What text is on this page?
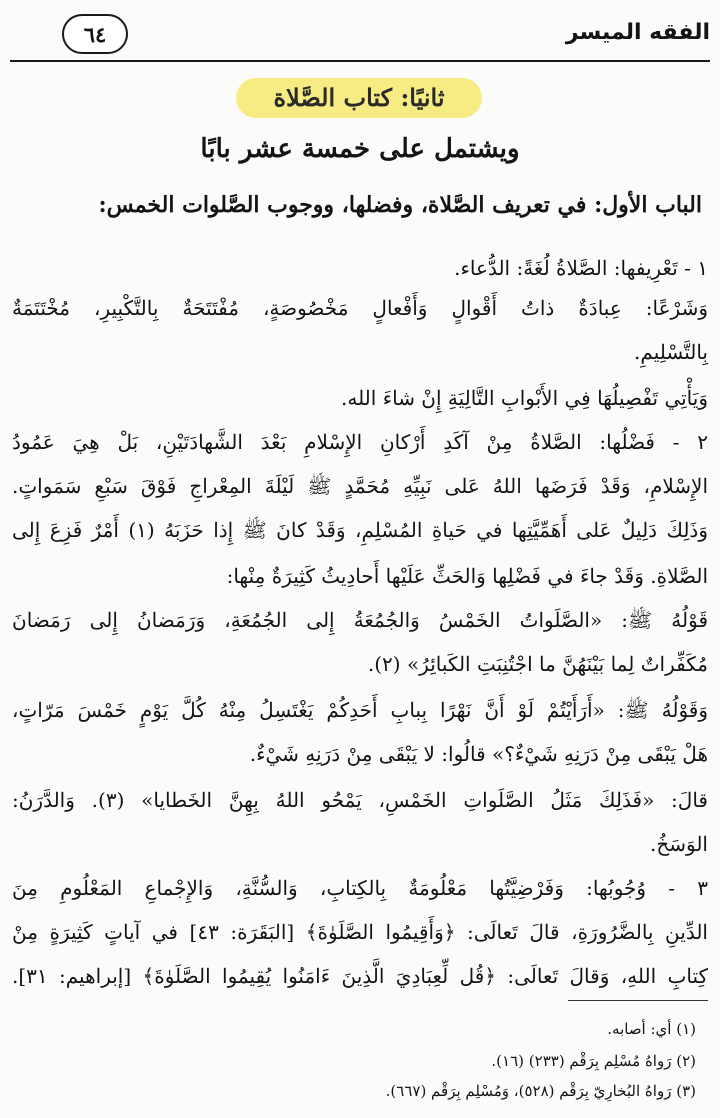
الفقه الميسر
٦٤
ثانيًا: كتاب الصَّلاة
ويشتمل على خمسة عشر بابًا
الباب الأول: في تعريف الصَّلاة، وفضلها، ووجوب الصَّلوات الخمس:
١ - تَعْرِيفها: الصَّلاةُ لُغَةً: الدُّعاء.
وَشَرْعًا: عِبادَةٌ ذاتُ أَقْوالٍ وَأَفْعالٍ مَخْصُوصَةٍ، مُفْتَتَحَةٌ بِالتَّكْبِيرِ، مُخْتَتَمَةٌ
بِالتَّسْلِيمِ.
وَيَأْتِي تَفْصِيلُهَا فِي الأَبْوابِ التَّالِيَةِ إِنْ شاءَ الله.
٢ - فَضْلُها: الصَّلاةُ مِنْ آكَدِ أَرْكانِ الإِسْلامِ بَعْدَ الشَّهادَتَيْنِ، بَلْ هِيَ عَمُودُ
الإِسْلامِ، وَقَدْ فَرَضَها اللهُ عَلى نَبِيِّهِ مُحَمَّدٍ ﷺ لَيْلَةَ المِعْراجِ فَوْقَ سَبْعِ سَمَواتٍ.
وَذَلِكَ دَلِيلٌ عَلى أَهَمِّيَّتِها في حَياةِ المُسْلِمِ، وَقَدْ كانَ ﷺ إِذا حَزَبَهُ (١) أَمْرٌ فَزِعَ إِلى
الصَّلاةِ. وَقَدْ جاءَ في فَضْلِها وَالحَثِّ عَلَيْها أَحادِيثُ كَثِيرَةٌ مِنْها:
قَوْلُهُ ﷺ: «الصَّلَواتُ الخَمْسُ وَالجُمُعَةُ إِلى الجُمُعَةِ، وَرَمَضانُ إِلى رَمَضانَ
مُكَفِّراتٌ لِما بَيْنَهُنَّ ما اجْتُنِبَتِ الكَبائِرُ» (٢).
وَقَوْلُهُ ﷺ: «أَرَأَيْتُمْ لَوْ أَنَّ نَهْرًا بِبابِ أَحَدِكُمْ يَغْتَسِلُ مِنْهُ كُلَّ يَوْمٍ خَمْسَ مَرّاتٍ،
هَلْ يَبْقَى مِنْ دَرَنِهِ شَيْءٌ؟» قالُوا: لا يَبْقَى مِنْ دَرَنِهِ شَيْءٌ.
قالَ: «فَذَلِكَ مَثَلُ الصَّلَواتِ الخَمْسِ، يَمْحُو اللهُ بِهِنَّ الخَطايا» (٣). وَالدَّرَنُ:
الوَسَخُ.
٣ - وُجُوبُها: وَفَرْضِيَّتُها مَعْلُومَةٌ بِالكِتابِ، وَالسُّنَّةِ، وَالإِجْماعِ المَعْلُومِ مِنَ
الدِّينِ بِالضَّرُورَةِ، قالَ تَعالَى: ﴿وَأَقِيمُوا الصَّلَوٰةَ﴾ [البَقَرَة: ٤٣] في آياتٍ كَثِيرَةٍ مِنْ
كِتابِ اللهِ، وَقالَ تَعالَى: ﴿قُل لِّعِبَادِيَ الَّذِينَ ءَامَنُوا يُقِيمُوا الصَّلَوٰةَ﴾ [إبراهيم: ٣١].
(١) أي: أصابه.
(٢) رَواهُ مُسْلِم بِرَقْم (٢٣٣) (١٦).
(٣) رَواهُ البُخارِيّ بِرَقْم (٥٢٨)، وَمُسْلِم بِرَقْم (٦٦٧).
